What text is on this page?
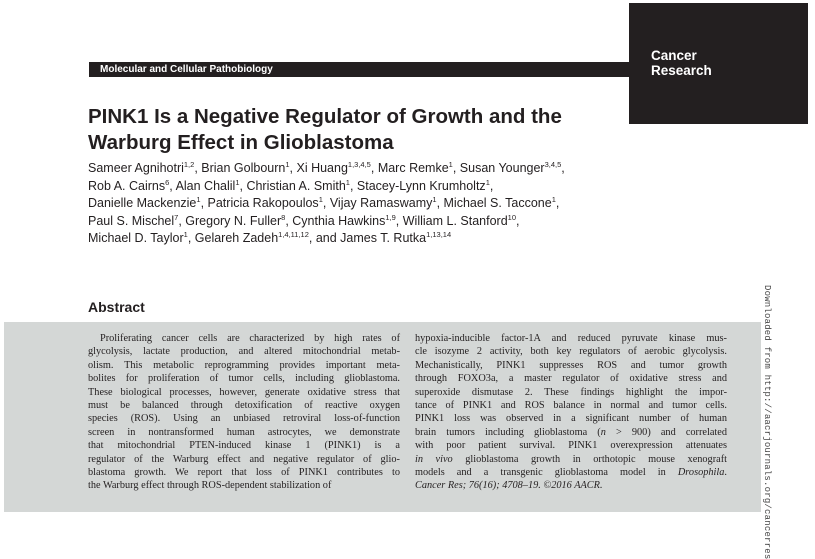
Cancer
Research
Molecular and Cellular Pathobiology
PINK1 Is a Negative Regulator of Growth and the
Warburg Effect in Glioblastoma
Sameer Agnihotri$^{1,2}$, Brian Golbourn$^1$, Xi Huang$^{1,3,4,5}$, Marc Remke$^1$, Susan Younger$^{3,4,5}$,
Rob A. Cairns$^6$, Alan Chalil$^1$, Christian A. Smith$^1$, Stacey-Lynn Krumholtz$^1$,
Danielle Mackenzie$^1$, Patricia Rakopoulos$^1$, Vijay Ramaswamy$^1$, Michael S. Taccone$^1$,
Paul S. Mischel$^7$, Gregory N. Fuller$^8$, Cynthia Hawkins$^{1,9}$, William L. Stanford$^{10}$,
Michael D. Taylor$^1$, Gelareh Zadeh$^{1,4,11,12}$, and James T. Rutka$^{1,13,14}$
Abstract
Proliferating cancer cells are characterized by high rates of
glycolysis, lactate production, and altered mitochondrial metab-
olism. This metabolic reprogramming provides important meta-
bolites for proliferation of tumor cells, including glioblastoma.
These biological processes, however, generate oxidative stress that
must be balanced through detoxification of reactive oxygen
species (ROS). Using an unbiased retroviral loss-of-function
screen in nontransformed human astrocytes, we demonstrate
that mitochondrial PTEN-induced kinase 1 (PINK1) is a
regulator of the Warburg effect and negative regulator of glio-
blastoma growth. We report that loss of PINK1 contributes to
the Warburg effect through ROS-dependent stabilization of
hypoxia-inducible factor-1A and reduced pyruvate kinase mus-
cle isozyme 2 activity, both key regulators of aerobic glycolysis.
Mechanistically, PINK1 suppresses ROS and tumor growth
through FOXO3a, a master regulator of oxidative stress and
superoxide dismutase 2. These findings highlight the impor-
tance of PINK1 and ROS balance in normal and tumor cells.
PINK1 loss was observed in a significant number of human
brain tumors including glioblastoma (n > 900) and correlated
with poor patient survival. PINK1 overexpression attenuates
in vivo glioblastoma growth in orthotopic mouse xenograft
models and a transgenic glioblastoma model in Drosophila.
Cancer Res; 76(16); 4708–19. ©2016 AACR.	Downloaded from http://aacrjournals.org/cancerres
